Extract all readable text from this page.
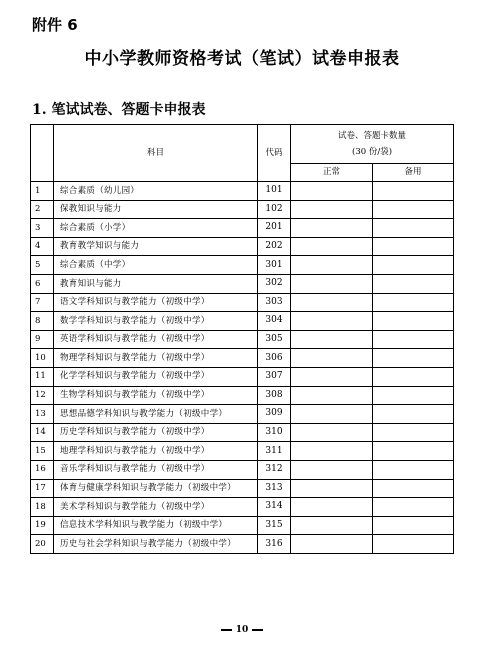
附件 6
中小学教师资格考试（笔试）试卷申报表
1. 笔试试卷、答题卡申报表
	科目	代码	试卷、答题卡数量
(30 份/袋)	

			正常	备用
1	综合素质（幼儿园）	101		
2	保教知识与能力	102		
3	综合素质（小学）	201		
4	教育教学知识与能力	202		
5	综合素质（中学）	301		
6	教育知识与能力	302		
7	语文学科知识与教学能力（初级中学）	303		
8	数学学科知识与教学能力（初级中学）	304		
9	英语学科知识与教学能力（初级中学）	305		
10	物理学科知识与教学能力（初级中学）	306		
11	化学学科知识与教学能力（初级中学）	307		
12	生物学科知识与教学能力（初级中学）	308		
13	思想品德学科知识与教学能力（初级中学）	309		
14	历史学科知识与教学能力（初级中学）	310		
15	地理学科知识与教学能力（初级中学）	311		
16	音乐学科知识与教学能力（初级中学）	312		
17	体育与健康学科知识与教学能力（初级中学）	313		
18	美术学科知识与教学能力（初级中学）	314		
19	信息技术学科知识与教学能力（初级中学）	315		
20	历史与社会学科知识与教学能力（初级中学）	316		
10
